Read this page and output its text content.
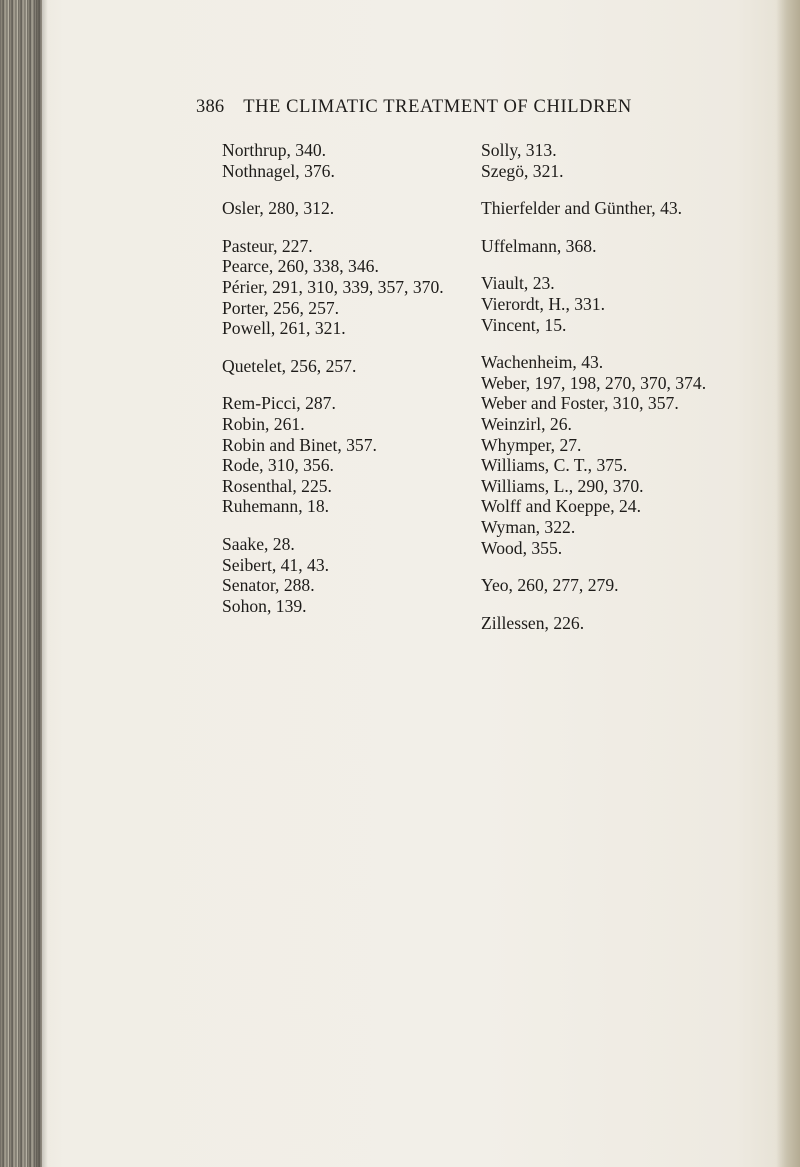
386 THE CLIMATIC TREATMENT OF CHILDREN
Northrup, 340.
Nothnagel, 376.
Osler, 280, 312.
Pasteur, 227.
Pearce, 260, 338, 346.
Périer, 291, 310, 339, 357, 370.
Porter, 256, 257.
Powell, 261, 321.
Quetelet, 256, 257.
Rem-Picci, 287.
Robin, 261.
Robin and Binet, 357.
Rode, 310, 356.
Rosenthal, 225.
Ruhemann, 18.
Saake, 28.
Seibert, 41, 43.
Senator, 288.
Sohon, 139.
Solly, 313.
Szegö, 321.
Thierfelder and Günther, 43.
Uffelmann, 368.
Viault, 23.
Vierordt, H., 331.
Vincent, 15.
Wachenheim, 43.
Weber, 197, 198, 270, 370, 374.
Weber and Foster, 310, 357.
Weinzirl, 26.
Whymper, 27.
Williams, C. T., 375.
Williams, L., 290, 370.
Wolff and Koeppe, 24.
Wyman, 322.
Wood, 355.
Yeo, 260, 277, 279.
Zillessen, 226.
